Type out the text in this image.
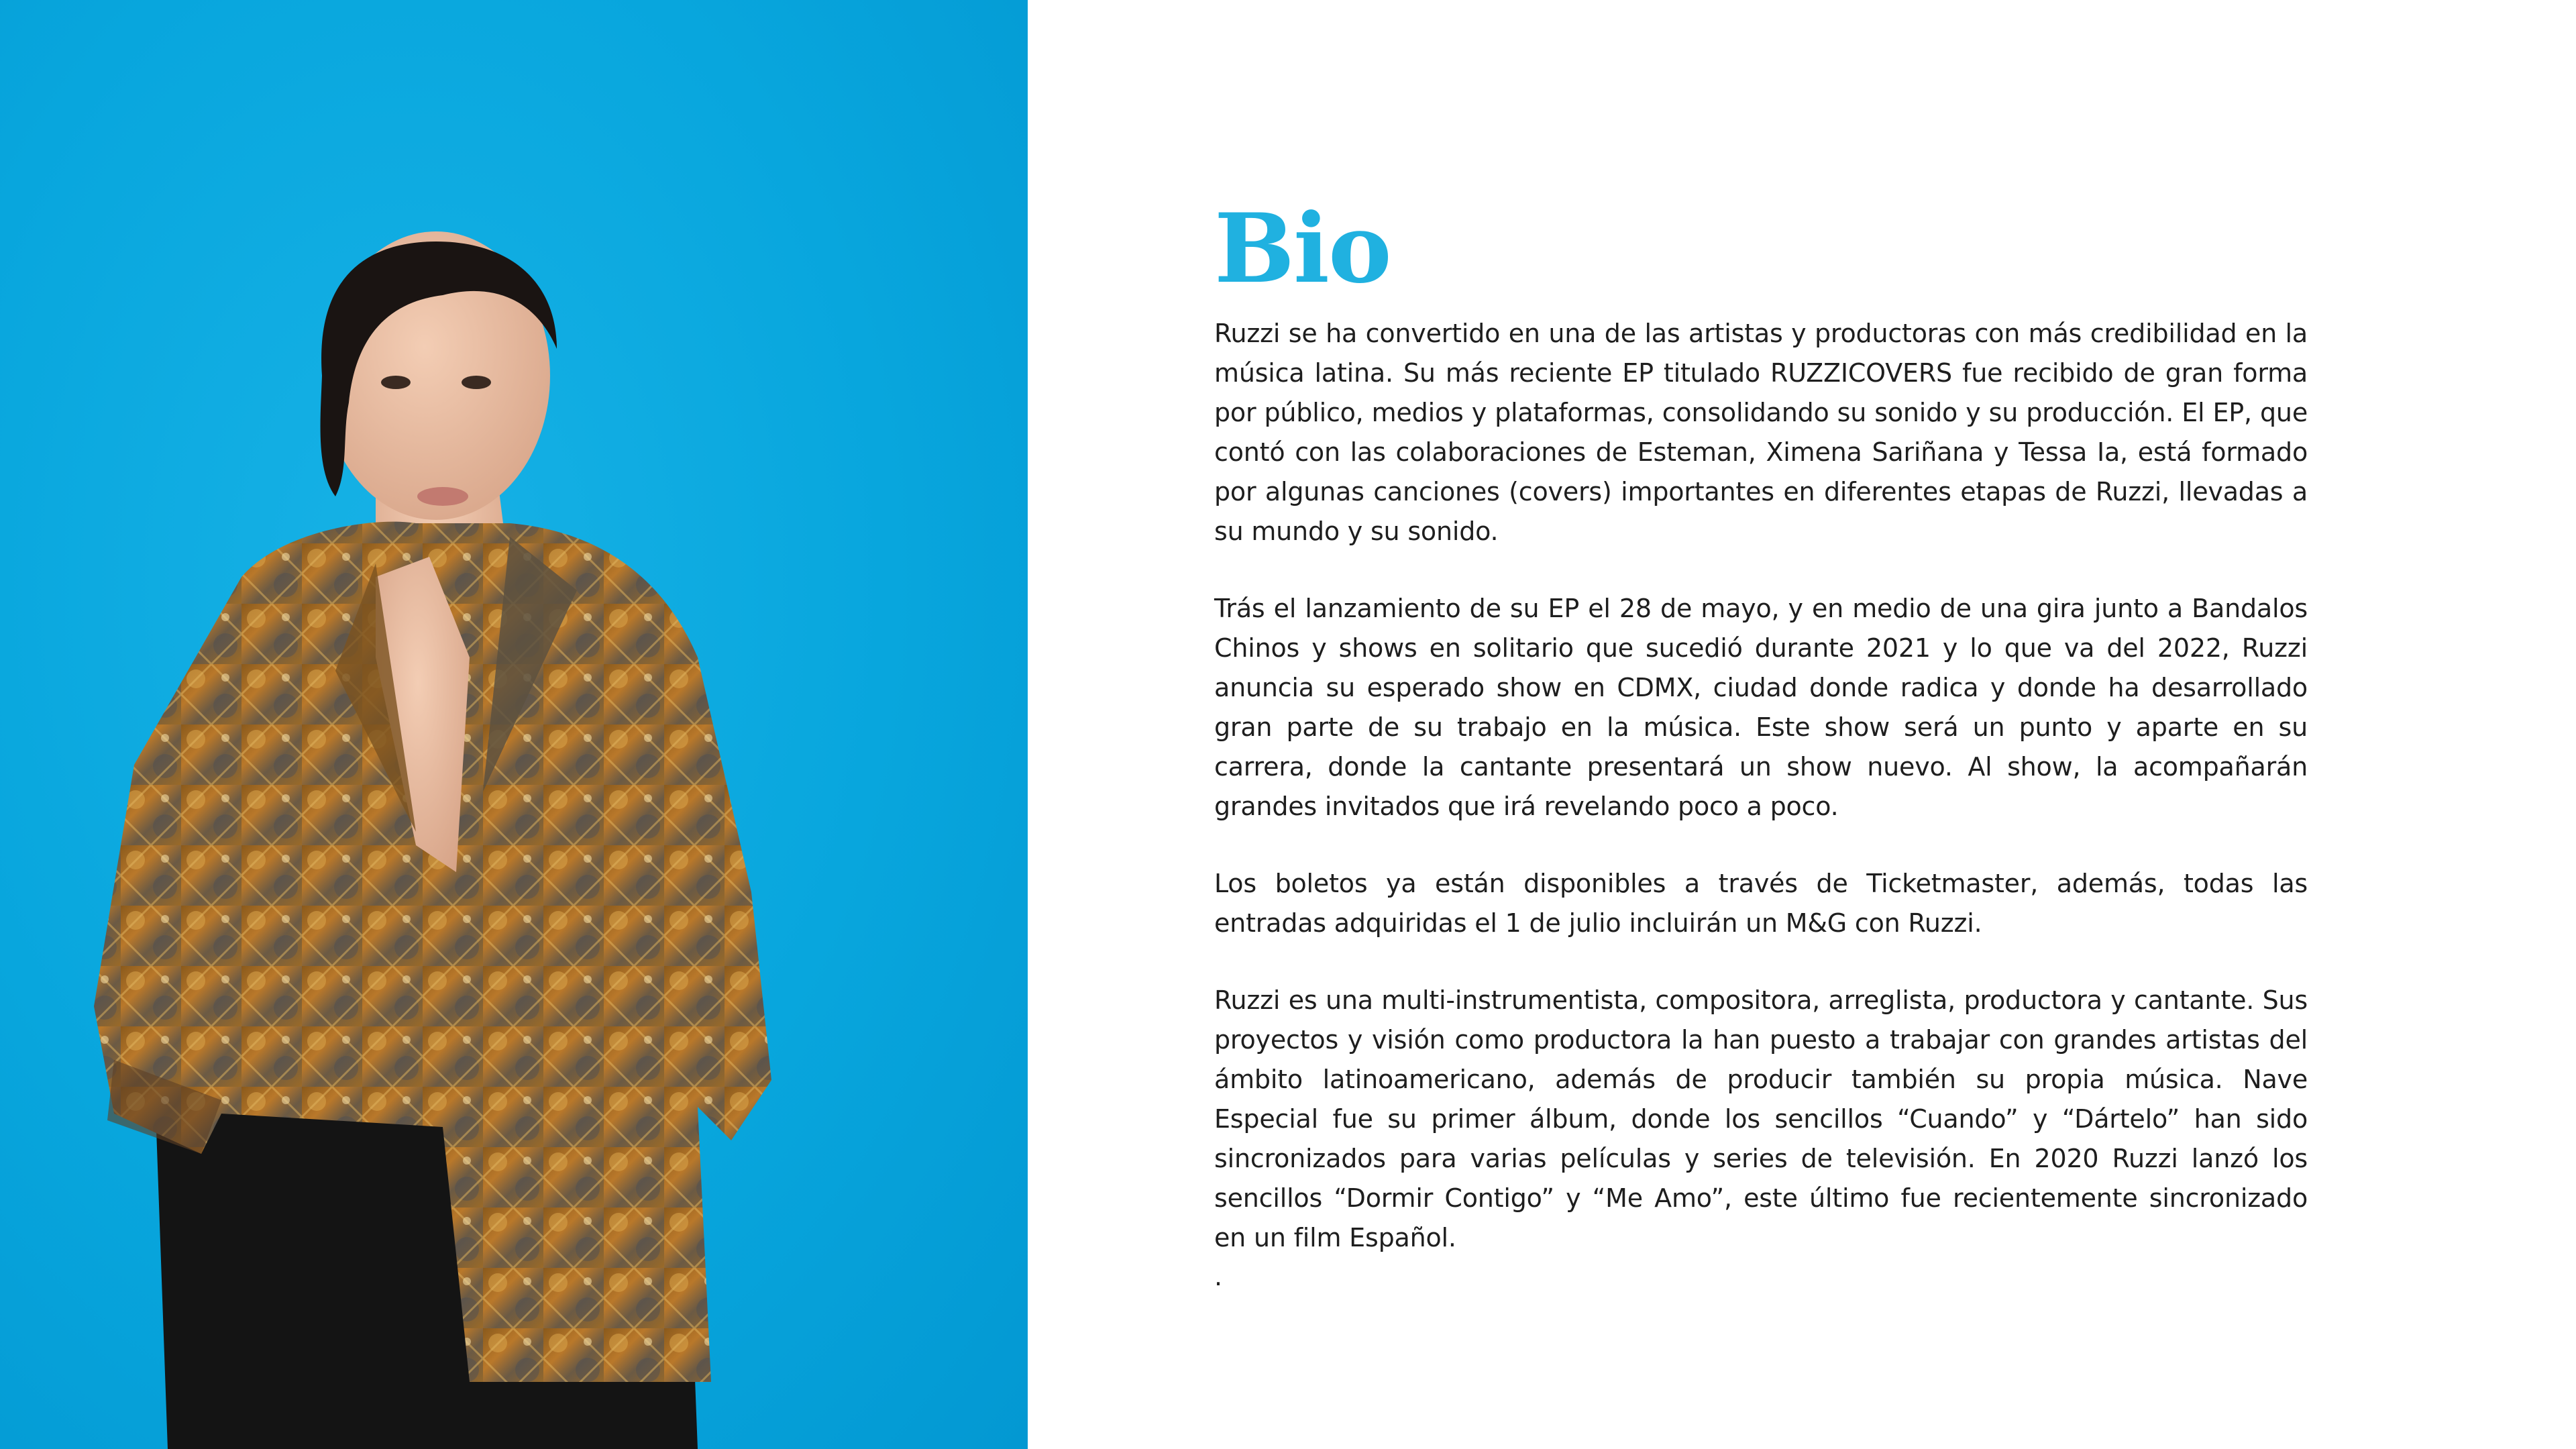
Bio

Ruzzi se ha convertido en una de las artistas y productoras con más credibilidad en la música latina. Su más reciente EP titulado RUZZICOVERS fue recibido de gran forma por público, medios y plataformas, consolidando su sonido y su producción. El EP, que contó con las colaboraciones de Esteman, Ximena Sariñana y Tessa Ia, está formado por algunas canciones (covers) importantes en diferentes etapas de Ruzzi, llevadas a su mundo y su sonido.

Trás el lanzamiento de su EP el 28 de mayo, y en medio de una gira junto a Bandalos Chinos y shows en solitario que sucedió durante 2021 y lo que va del 2022, Ruzzi anuncia su esperado show en CDMX, ciudad donde radica y donde ha desarrollado gran parte de su trabajo en la música. Este show será un punto y aparte en su carrera, donde la cantante presentará un show nuevo. Al show, la acompañarán grandes invitados que irá revelando poco a poco.

Los boletos ya están disponibles a través de Ticketmaster, además, todas las entradas adquiridas el 1 de julio incluirán un M&G con Ruzzi.

Ruzzi es una multi-instrumentista, compositora, arreglista, productora y cantante. Sus proyectos y visión como productora la han puesto a trabajar con grandes artistas del ámbito latinoamericano, además de producir también su propia música. Nave Especial fue su primer álbum, donde los sencillos “Cuando” y “Dártelo” han sido sincronizados para varias películas y series de televisión. En 2020 Ruzzi lanzó los sencillos “Dormir Contigo” y “Me Amo”, este último fue recientemente sincronizado en un film Español.

.
